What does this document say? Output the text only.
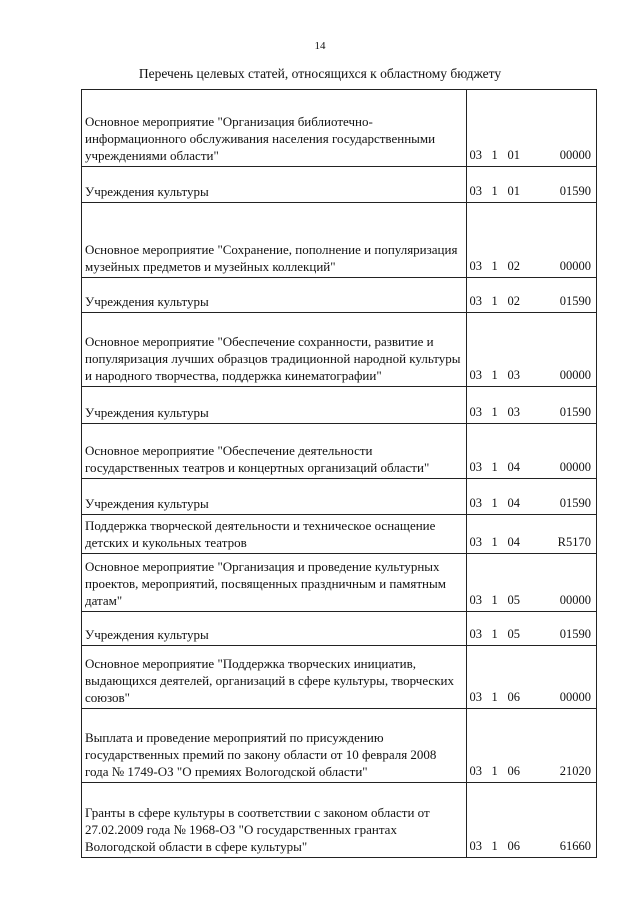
14
Перечень целевых статей, относящихся к областному бюджету
Основное мероприятие "Организация библиотечно-информационного обслуживания населения государственными учреждениями области"	03 1 01 00000

Учреждения культуры	03 1 01 01590

Основное мероприятие "Сохранение, пополнение и популяризация музейных предметов и музейных коллекций"	03 1 02 00000

Учреждения культуры	03 1 02 01590

Основное мероприятие "Обеспечение сохранности, развитие и популяризация лучших образцов традиционной народной культуры и народного творчества, поддержка кинематографии"	03 1 03 00000

Учреждения культуры	03 1 03 01590

Основное мероприятие "Обеспечение деятельности государственных театров и концертных организаций области"	03 1 04 00000

Учреждения культуры	03 1 04 01590

Поддержка творческой деятельности и техническое оснащение детских и кукольных театров	03 1 04 R5170

Основное мероприятие "Организация и проведение культурных проектов, мероприятий, посвященных праздничным и памятным датам"	03 1 05 00000

Учреждения культуры	03 1 05 01590

Основное мероприятие "Поддержка творческих инициатив, выдающихся деятелей, организаций в сфере культуры, творческих союзов"	03 1 06 00000

Выплата и проведение мероприятий по присуждению государственных премий по закону области от 10 февраля 2008 года № 1749-ОЗ "О премиях Вологодской области"	03 1 06 21020

Гранты в сфере культуры в соответствии с законом области от 27.02.2009 года № 1968-ОЗ "О государственных грантах Вологодской области в сфере культуры"	03 1 06 61660
